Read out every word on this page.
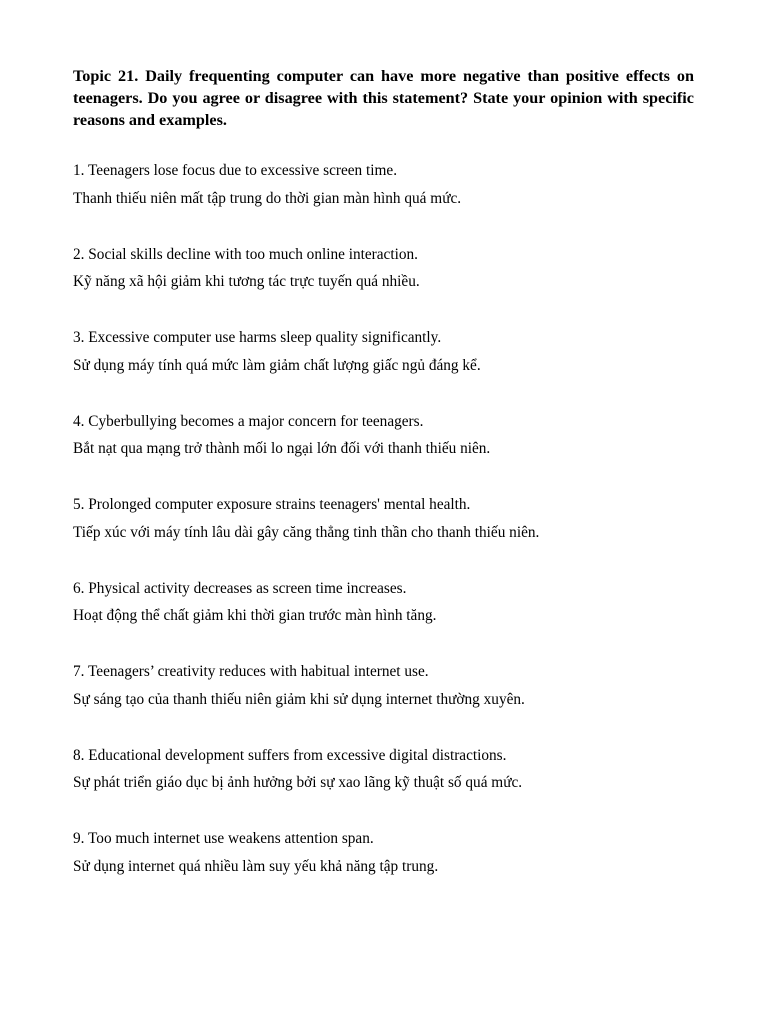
Topic 21. Daily frequenting computer can have more negative than positive effects on teenagers. Do you agree or disagree with this statement? State your opinion with specific reasons and examples.

1. Teenagers lose focus due to excessive screen time.

Thanh thiếu niên mất tập trung do thời gian màn hình quá mức.

2. Social skills decline with too much online interaction.

Kỹ năng xã hội giảm khi tương tác trực tuyến quá nhiều.

3. Excessive computer use harms sleep quality significantly.

Sử dụng máy tính quá mức làm giảm chất lượng giấc ngủ đáng kể.

4. Cyberbullying becomes a major concern for teenagers.

Bắt nạt qua mạng trở thành mối lo ngại lớn đối với thanh thiếu niên.

5. Prolonged computer exposure strains teenagers' mental health.

Tiếp xúc với máy tính lâu dài gây căng thẳng tinh thần cho thanh thiếu niên.

6. Physical activity decreases as screen time increases.

Hoạt động thể chất giảm khi thời gian trước màn hình tăng.

7. Teenagers’ creativity reduces with habitual internet use.

Sự sáng tạo của thanh thiếu niên giảm khi sử dụng internet thường xuyên.

8. Educational development suffers from excessive digital distractions.

Sự phát triển giáo dục bị ảnh hưởng bởi sự xao lãng kỹ thuật số quá mức.

9. Too much internet use weakens attention span.

Sử dụng internet quá nhiều làm suy yếu khả năng tập trung.
